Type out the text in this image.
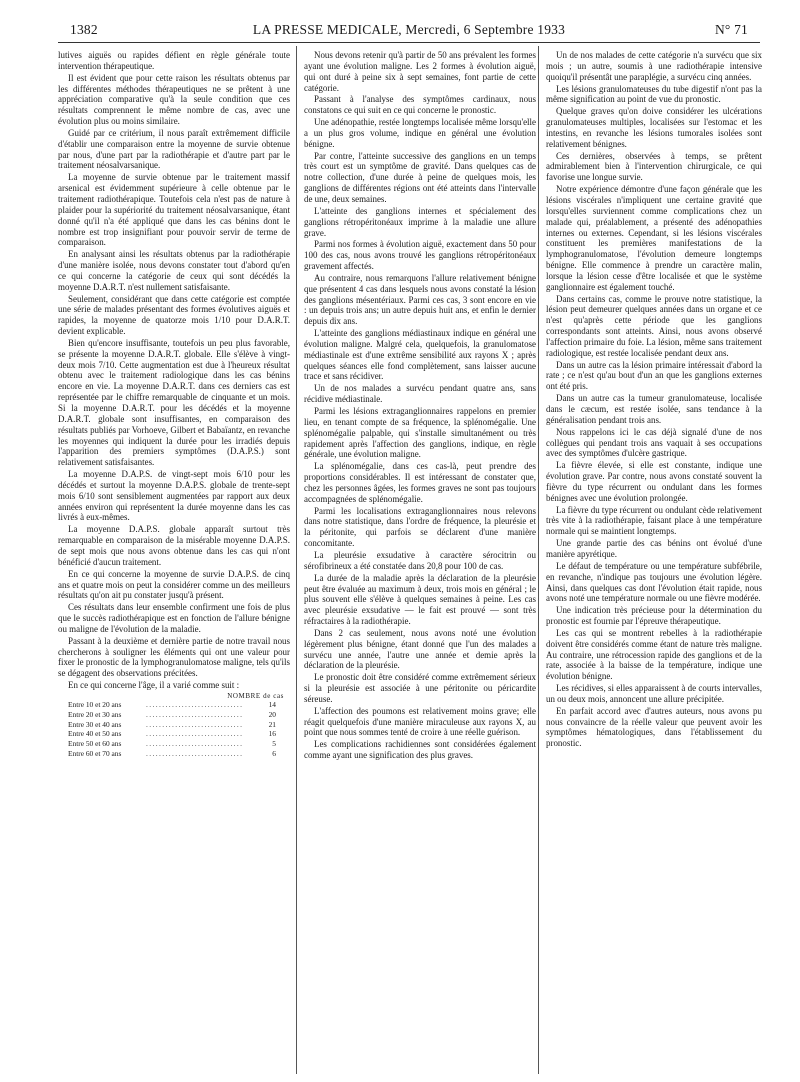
1382	LA PRESSE MEDICALE, Mercredi, 6 Septembre 1933	N° 71

lutives aiguës ou rapides défient en règle générale toute intervention thérapeutique.

Il est évident que pour cette raison les résultats obtenus par les différentes méthodes thérapeutiques ne se prêtent à une appréciation comparative qu'à la seule condition que ces résultats comprennent le même nombre de cas, avec une évolution plus ou moins similaire.

Guidé par ce critérium, il nous paraît extrêmement difficile d'établir une comparaison entre la moyenne de survie obtenue par nous, d'une part par la radiothérapie et d'autre part par le traitement néosalvarsanique.

La moyenne de survie obtenue par le traitement massif arsenical est évidemment supérieure à celle obtenue par le traitement radiothérapique. Toutefois cela n'est pas de nature à plaider pour la supériorité du traitement néosalvarsanique, étant donné qu'il n'a été appliqué que dans les cas bénins dont le nombre est trop insignifiant pour pouvoir servir de terme de comparaison.

En analysant ainsi les résultats obtenus par la radiothérapie d'une manière isolée, nous devons constater tout d'abord qu'en ce qui concerne la catégorie de ceux qui sont décédés la moyenne D.A.R.T. n'est nullement satisfaisante.

Seulement, considérant que dans cette catégorie est comptée une série de malades présentant des formes évolutives aiguës et rapides, la moyenne de quatorze mois 1/10 pour D.A.R.T. devient explicable.

Bien qu'encore insuffisante, toutefois un peu plus favorable, se présente la moyenne D.A.R.T. globale. Elle s'élève à vingt-deux mois 7/10. Cette augmentation est due à l'heureux résultat obtenu avec le traitement radiologique dans les cas bénins encore en vie. La moyenne D.A.R.T. dans ces derniers cas est représentée par le chiffre remarquable de cinquante et un mois. Si la moyenne D.A.R.T. pour les décédés et la moyenne D.A.R.T. globale sont insuffisantes, en comparaison des résultats publiés par Vorhoeve, Gilbert et Babaïantz, en revanche les moyennes qui indiquent la durée pour les irradiés depuis l'apparition des premiers symptômes (D.A.P.S.) sont relativement satisfaisantes.

La moyenne D.A.P.S. de vingt-sept mois 6/10 pour les décédés et surtout la moyenne D.A.P.S. globale de trente-sept mois 6/10 sont sensiblement augmentées par rapport aux deux années environ qui représentent la durée moyenne dans les cas livrés à eux-mêmes.

La moyenne D.A.P.S. globale apparaît surtout très remarquable en comparaison de la misérable moyenne D.A.P.S. de sept mois que nous avons obtenue dans les cas qui n'ont bénéficié d'aucun traitement.

En ce qui concerne la moyenne de survie D.A.P.S. de cinq ans et quatre mois on peut la considérer comme un des meilleurs résultats qu'on ait pu constater jusqu'à présent.

Ces résultats dans leur ensemble confirment une fois de plus que le succès radiothérapique est en fonction de l'allure bénigne ou maligne de l'évolution de la maladie.

Passant à la deuxième et dernière partie de notre travail nous chercherons à souligner les éléments qui ont une valeur pour fixer le pronostic de la lymphogranulomatose maligne, tels qu'ils se dégagent des observations précitées.

En ce qui concerne l'âge, il a varié comme suit :

NOMBRE de cas
Entre 10 et 20 ans	..............................	14
Entre 20 et 30 ans	..............................	20
Entre 30 et 40 ans	..............................	21
Entre 40 et 50 ans	..............................	16
Entre 50 et 60 ans	..............................	5
Entre 60 et 70 ans	..............................	6

Nous devons retenir qu'à partir de 50 ans prévalent les formes ayant une évolution maligne. Les 2 formes à évolution aiguë, qui ont duré à peine six à sept semaines, font partie de cette catégorie.

Passant à l'analyse des symptômes cardinaux, nous constatons ce qui suit en ce qui concerne le pronostic.

Une adénopathie, restée longtemps localisée même lorsqu'elle a un plus gros volume, indique en général une évolution bénigne.

Par contre, l'atteinte successive des ganglions en un temps très court est un symptôme de gravité. Dans quelques cas de notre collection, d'une durée à peine de quelques mois, les ganglions de différentes régions ont été atteints dans l'intervalle de une, deux semaines.

L'atteinte des ganglions internes et spécialement des ganglions rétropéritonéaux imprime à la maladie une allure grave.

Parmi nos formes à évolution aiguë, exactement dans 50 pour 100 des cas, nous avons trouvé les ganglions rétropéritonéaux gravement affectés.

Au contraire, nous remarquons l'allure relativement bénigne que présentent 4 cas dans lesquels nous avons constaté la lésion des ganglions mésentériaux. Parmi ces cas, 3 sont encore en vie : un depuis trois ans; un autre depuis huit ans, et enfin le dernier depuis dix ans.

L'atteinte des ganglions médiastinaux indique en général une évolution maligne. Malgré cela, quelquefois, la granulomatose médiastinale est d'une extrême sensibilité aux rayons X ; après quelques séances elle fond complètement, sans laisser aucune trace et sans récidiver.

Un de nos malades a survécu pendant quatre ans, sans récidive médiastinale.

Parmi les lésions extraganglionnaires rappelons en premier lieu, en tenant compte de sa fréquence, la splénomégalie. Une splénomégalie palpable, qui s'installe simultanément ou très rapidement après l'affection des ganglions, indique, en règle générale, une évolution maligne.

La splénomégalie, dans ces cas-là, peut prendre des proportions considérables. Il est intéressant de constater que, chez les personnes âgées, les formes graves ne sont pas toujours accompagnées de splénomégalie.

Parmi les localisations extraganglionnaires nous relevons dans notre statistique, dans l'ordre de fréquence, la pleurésie et la péritonite, qui parfois se déclarent d'une manière concomitante.

La pleurésie exsudative à caractère sérocitrin ou sérofibrineux a été constatée dans 20,8 pour 100 de cas.

La durée de la maladie après la déclaration de la pleurésie peut être évaluée au maximum à deux, trois mois en général ; le plus souvent elle s'élève à quelques semaines à peine. Les cas avec pleurésie exsudative — le fait est prouvé — sont très réfractaires à la radiothérapie.

Dans 2 cas seulement, nous avons noté une évolution légèrement plus bénigne, étant donné que l'un des malades a survécu une année, l'autre une année et demie après la déclaration de la pleurésie.

Le pronostic doit être considéré comme extrêmement sérieux si la pleurésie est associée à une péritonite ou péricardite séreuse.

L'affection des poumons est relativement moins grave; elle réagit quelquefois d'une manière miraculeuse aux rayons X, au point que nous sommes tenté de croire à une réelle guérison.

Les complications rachidiennes sont considérées également comme ayant une signification des plus graves.

Un de nos malades de cette catégorie n'a survécu que six mois ; un autre, soumis à une radiothérapie intensive quoiqu'il présentât une paraplégie, a survécu cinq années.

Les lésions granulomateuses du tube digestif n'ont pas la même signification au point de vue du pronostic.

Quelque graves qu'on doive considérer les ulcérations granulomateuses multiples, localisées sur l'estomac et les intestins, en revanche les lésions tumorales isolées sont relativement bénignes.

Ces dernières, observées à temps, se prêtent admirablement bien à l'intervention chirurgicale, ce qui favorise une longue survie.

Notre expérience démontre d'une façon générale que les lésions viscérales n'impliquent une certaine gravité que lorsqu'elles surviennent comme complications chez un malade qui, préalablement, a présenté des adénopathies internes ou externes. Cependant, si les lésions viscérales constituent les premières manifestations de la lymphogranulomatose, l'évolution demeure longtemps bénigne. Elle commence à prendre un caractère malin, lorsque la lésion cesse d'être localisée et que le système ganglionnaire est également touché.

Dans certains cas, comme le prouve notre statistique, la lésion peut demeurer quelques années dans un organe et ce n'est qu'après cette période que les ganglions correspondants sont atteints. Ainsi, nous avons observé l'affection primaire du foie. La lésion, même sans traitement radiologique, est restée localisée pendant deux ans.

Dans un autre cas la lésion primaire intéressait d'abord la rate ; ce n'est qu'au bout d'un an que les ganglions externes ont été pris.

Dans un autre cas la tumeur granulomateuse, localisée dans le cæcum, est restée isolée, sans tendance à la généralisation pendant trois ans.

Nous rappelons ici le cas déjà signalé d'une de nos collègues qui pendant trois ans vaquait à ses occupations avec des symptômes d'ulcère gastrique.

La fièvre élevée, si elle est constante, indique une évolution grave. Par contre, nous avons constaté souvent la fièvre du type récurrent ou ondulant dans les formes bénignes avec une évolution prolongée.

La fièvre du type récurrent ou ondulant cède relativement très vite à la radiothérapie, faisant place à une température normale qui se maintient longtemps.

Une grande partie des cas bénins ont évolué d'une manière apyrétique.

Le défaut de température ou une température subfébrile, en revanche, n'indique pas toujours une évolution légère. Ainsi, dans quelques cas dont l'évolution était rapide, nous avons noté une température normale ou une fièvre modérée.

Une indication très précieuse pour la détermination du pronostic est fournie par l'épreuve thérapeutique.

Les cas qui se montrent rebelles à la radiothérapie doivent être considérés comme étant de nature très maligne. Au contraire, une rétrocession rapide des ganglions et de la rate, associée à la baisse de la température, indique une évolution bénigne.

Les récidives, si elles apparaissent à de courts intervalles, un ou deux mois, annoncent une allure précipitée.

En parfait accord avec d'autres auteurs, nous avons pu nous convaincre de la réelle valeur que peuvent avoir les symptômes hématologiques, dans l'établissement du pronostic.
